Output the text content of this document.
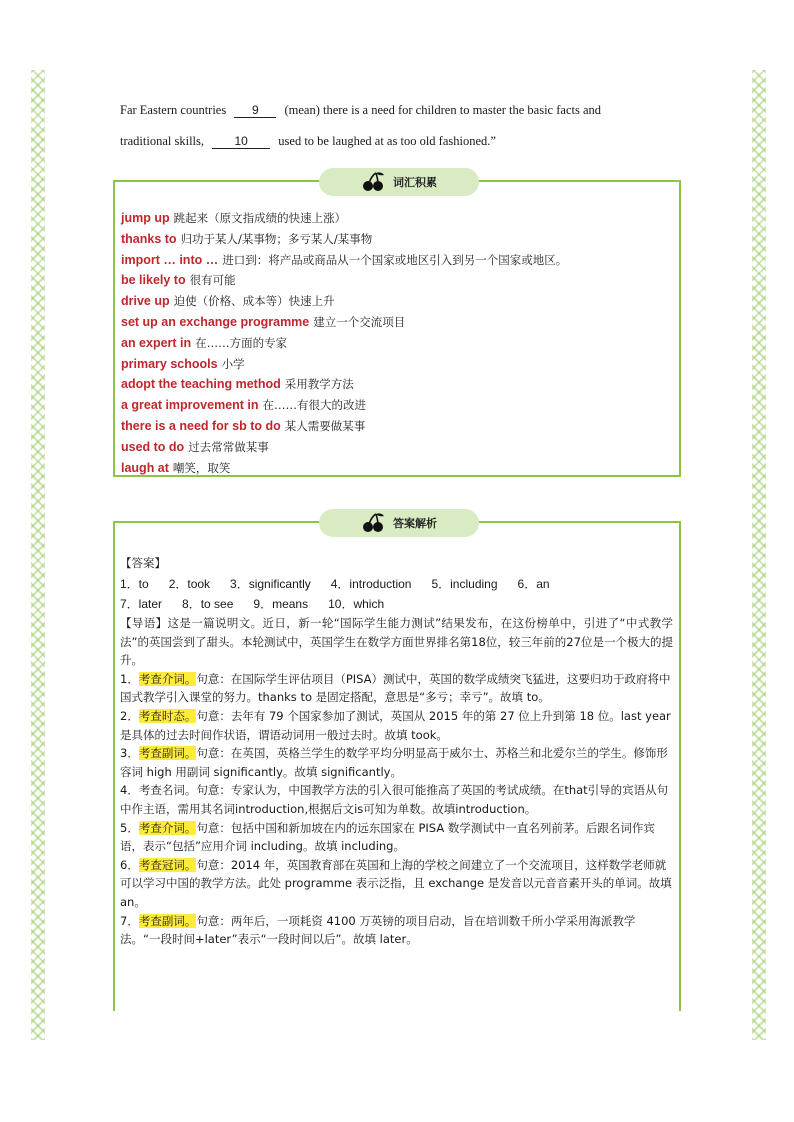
Far Eastern countries 9 (mean) there is a need for children to master the basic facts and
traditional skills,	10 used to be laughed at as too old fashioned.”
词汇积累
jump up 跳起来（原文指成绩的快速上涨）
thanks to 归功于某人/某事物；多亏某人/某事物
import … into … 进口到：将产品或商品从一个国家或地区引入到另一个国家或地区。
be likely to 很有可能
drive up 迫使（价格、成本等）快速上升
set up an exchange programme 建立一个交流项目
an expert in 在……方面的专家
primary schools 小学
adopt the teaching method 采用教学方法
a great improvement in 在……有很大的改进
there is a need for sb to do 某人需要做某事
used to do 过去常常做某事
laugh at 嘲笑，取笑
答案解析
【答案】
1．to 2．took 3．significantly 4．introduction 5．including 6．an
7．later 8．to see 9．means 10．which
【导语】这是一篇说明文。近日，新一轮“国际学生能力测试”结果发布，在这份榜单中，引进了“中式教学法”的英国尝到了甜头。本轮测试中，英国学生在数学方面世界排名第18位，较三年前的27位是一个极大的提升。
1．考查介词。句意：在国际学生评估项目（PISA）测试中，英国的数学成绩突飞猛进，这要归功于政府将中国式教学引入课堂的努力。thanks to 是固定搭配，意思是“多亏；幸亏”。故填 to。
2．考查时态。句意：去年有 79 个国家参加了测试，英国从 2015 年的第 27 位上升到第 18 位。last year 是具体的过去时间作状语，谓语动词用一般过去时。故填 took。
3．考查副词。句意：在英国，英格兰学生的数学平均分明显高于威尔士、苏格兰和北爱尔兰的学生。修饰形容词 high 用副词 significantly。故填 significantly。
4．考查名词。句意：专家认为，中国教学方法的引入很可能推高了英国的考试成绩。在that引导的宾语从句中作主语，需用其名词introduction,根据后文is可知为单数。故填introduction。
5．考查介词。句意：包括中国和新加坡在内的远东国家在 PISA 数学测试中一直名列前茅。后跟名词作宾语，表示“包括”应用介词 including。故填 including。
6．考查冠词。句意：2014 年，英国教育部在英国和上海的学校之间建立了一个交流项目，这样数学老师就可以学习中国的教学方法。此处 programme 表示泛指，且 exchange 是发音以元音音素开头的单词。故填 an。
7．考查副词。句意：两年后，一项耗资 4100 万英镑的项目启动，旨在培训数千所小学采用海派教学法。“一段时间+later”表示“一段时间以后”。故填 later。
